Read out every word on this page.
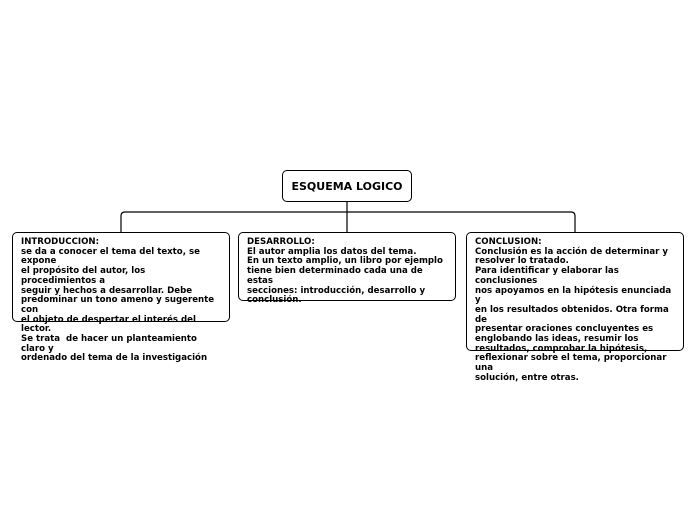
ESQUEMA LOGICO
INTRODUCCION:
se da a conocer el tema del texto, se expone
el propósito del autor, los procedimientos a
seguir y hechos a desarrollar. Debe
predominar un tono ameno y sugerente con
el objeto de despertar el interés del lector.
Se trata  de hacer un planteamiento claro y
ordenado del tema de la investigación
DESARROLLO:
El autor amplia los datos del tema.
En un texto amplio, un libro por ejemplo
tiene bien determinado cada una de estas
secciones: introducción, desarrollo y
conclusión.
CONCLUSION:
Conclusión es la acción de determinar y
resolver lo tratado.
Para identificar y elaborar las conclusiones
nos apoyamos en la hipótesis enunciada y
en los resultados obtenidos. Otra forma de
presentar oraciones concluyentes es
englobando las ideas, resumir los
resultados, comprobar la hipótesis,
reflexionar sobre el tema, proporcionar una
solución, entre otras.
